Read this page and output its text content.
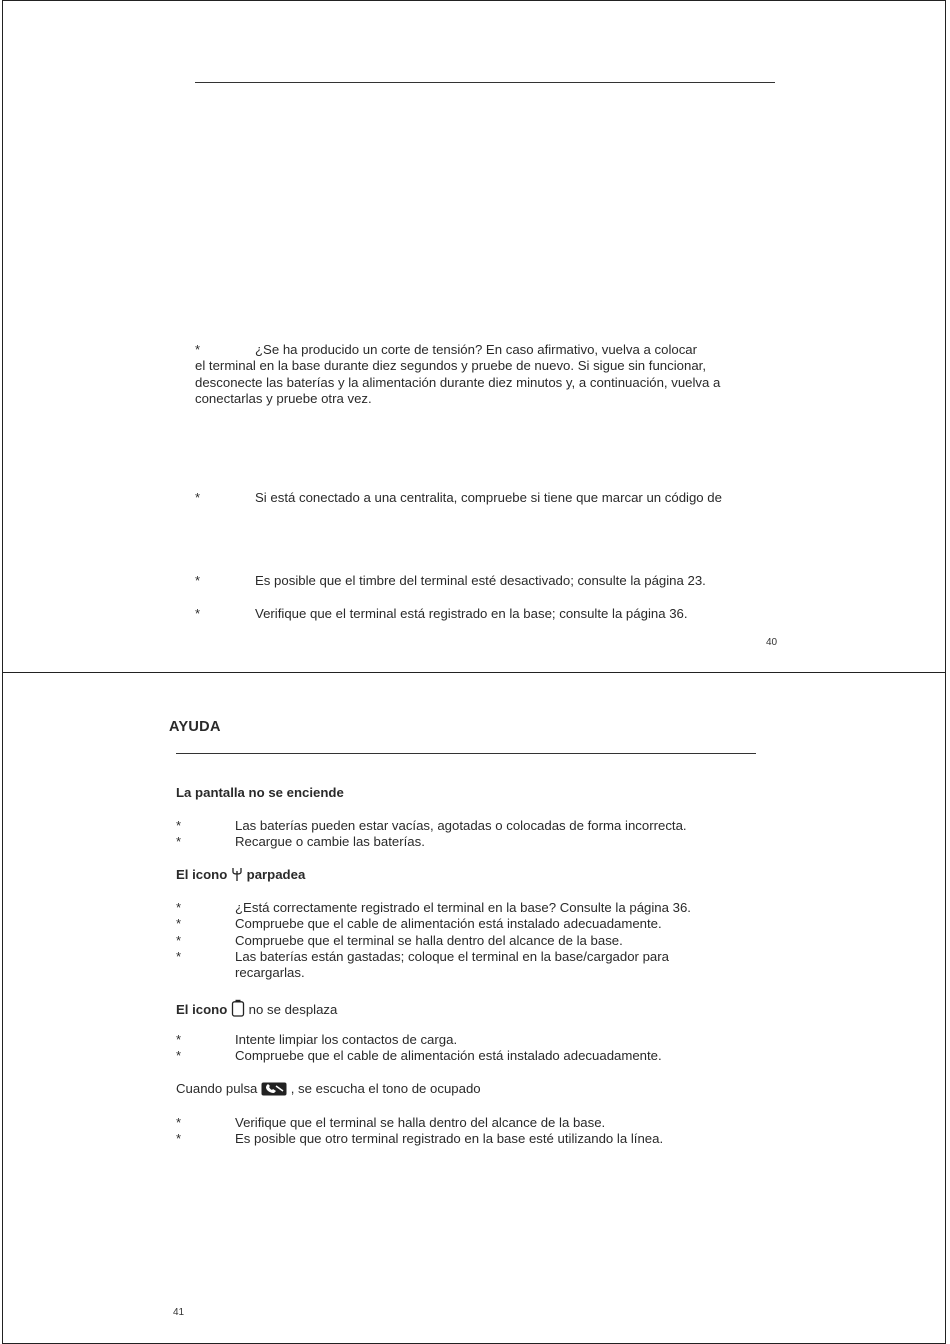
*	¿Se ha producido un corte de tensión? En caso afirmativo, vuelva a colocar
el terminal en la base durante diez segundos y pruebe de nuevo. Si sigue sin funcionar,
desconecte las baterías y la alimentación durante diez minutos y, a continuación, vuelva a
conectarlas y pruebe otra vez.
*	Si está conectado a una centralita, compruebe si tiene que marcar un código de
*	Es posible que el timbre del terminal esté desactivado; consulte la página 23.
*	Verifique que el terminal está registrado en la base; consulte la página 36.
40
AYUDA
La pantalla no se enciende
*	Las baterías pueden estar vacías, agotadas o colocadas de forma incorrecta.
*	Recargue o cambie las baterías.
El icono parpadea
*	¿Está correctamente registrado el terminal en la base? Consulte la página 36.
*	Compruebe que el cable de alimentación está instalado adecuadamente.
*	Compruebe que el terminal se halla dentro del alcance de la base.
*	Las baterías están gastadas; coloque el terminal en la base/cargador para
recargarlas.
El icono no se desplaza
*	Intente limpiar los contactos de carga.
*	Compruebe que el cable de alimentación está instalado adecuadamente.
Cuando pulsa	, se escucha el tono de ocupado
*	Verifique que el terminal se halla dentro del alcance de la base.
*	Es posible que otro terminal registrado en la base esté utilizando la línea.
41
